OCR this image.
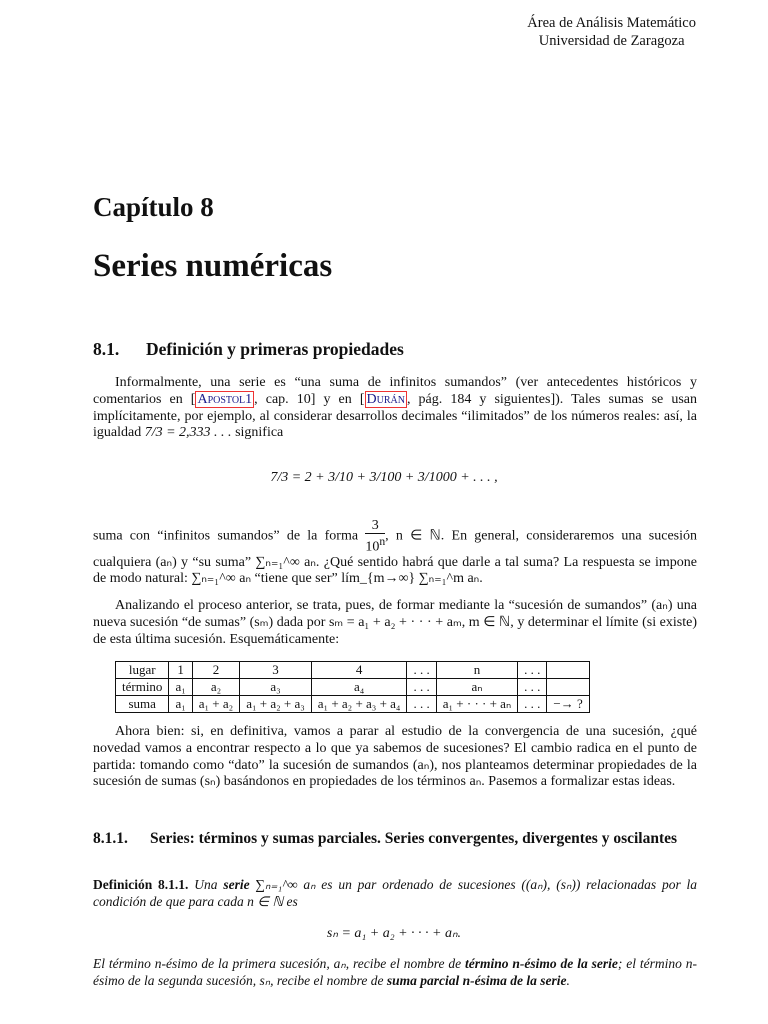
Área de Análisis Matemático
Universidad de Zaragoza
Capítulo 8
Series numéricas
8.1. Definición y primeras propiedades
Informalmente, una serie es “una suma de infinitos sumandos” (ver antecedentes históricos y comentarios en [ Apostol1 , cap. 10] y en [ Durán , pág. 184 y siguientes]). Tales sumas se usan implícitamente, por ejemplo, al considerar desarrollos decimales “ilimitados” de los números reales: así, la igualdad 7/3 = 2,333 . . . significa
7/3 = 2 + 3/10 + 3/100 + 3/1000 + . . . ,
suma con “infinitos sumandos” de la forma $\frac{3}{10^n}$ , n ∈ ℕ. En general, consideraremos una sucesión cualquiera (aₙ) y “su suma” ∑ₙ₌₁^∞ aₙ. ¿Qué sentido habrá que darle a tal suma? La respuesta se impone de modo natural: ∑ₙ₌₁^∞ aₙ “tiene que ser” lím_{m→∞} ∑ₙ₌₁^m aₙ.
Analizando el proceso anterior, se trata, pues, de formar mediante la “sucesión de sumandos” (aₙ) una nueva sucesión “de sumas” (sₘ) dada por sₘ = a₁ + a₂ + · · · + aₘ, m ∈ ℕ, y determinar el límite (si existe) de esta última sucesión. Esquemáticamente:
lugar	1	2	3	4	. . .	n	. . .	
término	a₁	a₂	a₃	a₄	. . .	aₙ	. . .	
suma	a₁	a₁ + a₂	a₁ + a₂ + a₃	a₁ + a₂ + a₃ + a₄	. . .	a₁ + · · · + aₙ	. . .	−→ ?
Ahora bien: si, en definitiva, vamos a parar al estudio de la convergencia de una sucesión, ¿qué novedad vamos a encontrar respecto a lo que ya sabemos de sucesiones? El cambio radica en el punto de partida: tomando como “dato” la sucesión de sumandos (aₙ), nos planteamos determinar propiedades de la sucesión de sumas (sₙ) basándonos en propiedades de los términos aₙ. Pasemos a formalizar estas ideas.
8.1.1. Series: términos y sumas parciales. Series convergentes, divergentes y oscilantes
Definición 8.1.1. Una serie ∑ₙ₌₁^∞ aₙ es un par ordenado de sucesiones ((aₙ), (sₙ)) relacionadas por la condición de que para cada n ∈ ℕ es
sₙ = a₁ + a₂ + · · · + aₙ.
El término n-ésimo de la primera sucesión, aₙ, recibe el nombre de término n-ésimo de la serie; el término n-ésimo de la segunda sucesión, sₙ, recibe el nombre de suma parcial n-ésima de la serie.
